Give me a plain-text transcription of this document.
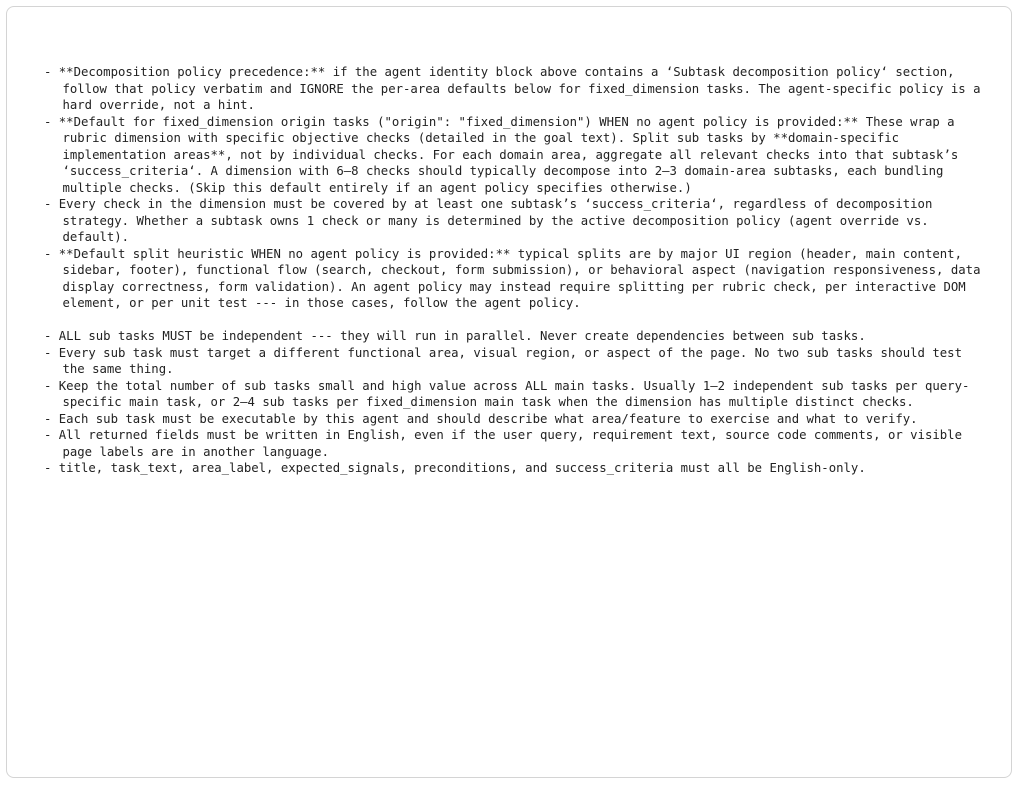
- **Decomposition policy precedence:** if the agent identity block above contains a ‘Subtask decomposition policy‘ section, follow that policy verbatim and IGNORE the per-area defaults below for fixed_dimension tasks. The agent-specific policy is a hard override, not a hint.
- **Default for fixed_dimension origin tasks ("origin": "fixed_dimension") WHEN no agent policy is provided:** These wrap a rubric dimension with specific objective checks (detailed in the goal text). Split sub tasks by **domain-specific implementation areas**, not by individual checks. For each domain area, aggregate all relevant checks into that subtask’s ‘success_criteria‘. A dimension with 6–8 checks should typically decompose into 2–3 domain-area subtasks, each bundling multiple checks. (Skip this default entirely if an agent policy specifies otherwise.)
- Every check in the dimension must be covered by at least one subtask’s ‘success_criteria‘, regardless of decomposition strategy. Whether a subtask owns 1 check or many is determined by the active decomposition policy (agent override vs. default).
- **Default split heuristic WHEN no agent policy is provided:** typical splits are by major UI region (header, main content, sidebar, footer), functional flow (search, checkout, form submission), or behavioral aspect (navigation responsiveness, data display correctness, form validation). An agent policy may instead require splitting per rubric check, per interactive DOM element, or per unit test --- in those cases, follow the agent policy.
- ALL sub tasks MUST be independent --- they will run in parallel. Never create dependencies between sub tasks.
- Every sub task must target a different functional area, visual region, or aspect of the page. No two sub tasks should test the same thing.
- Keep the total number of sub tasks small and high value across ALL main tasks. Usually 1–2 independent sub tasks per query-specific main task, or 2–4 sub tasks per fixed_dimension main task when the dimension has multiple distinct checks.
- Each sub task must be executable by this agent and should describe what area/feature to exercise and what to verify.
- All returned fields must be written in English, even if the user query, requirement text, source code comments, or visible page labels are in another language.
- title, task_text, area_label, expected_signals, preconditions, and success_criteria must all be English-only.
